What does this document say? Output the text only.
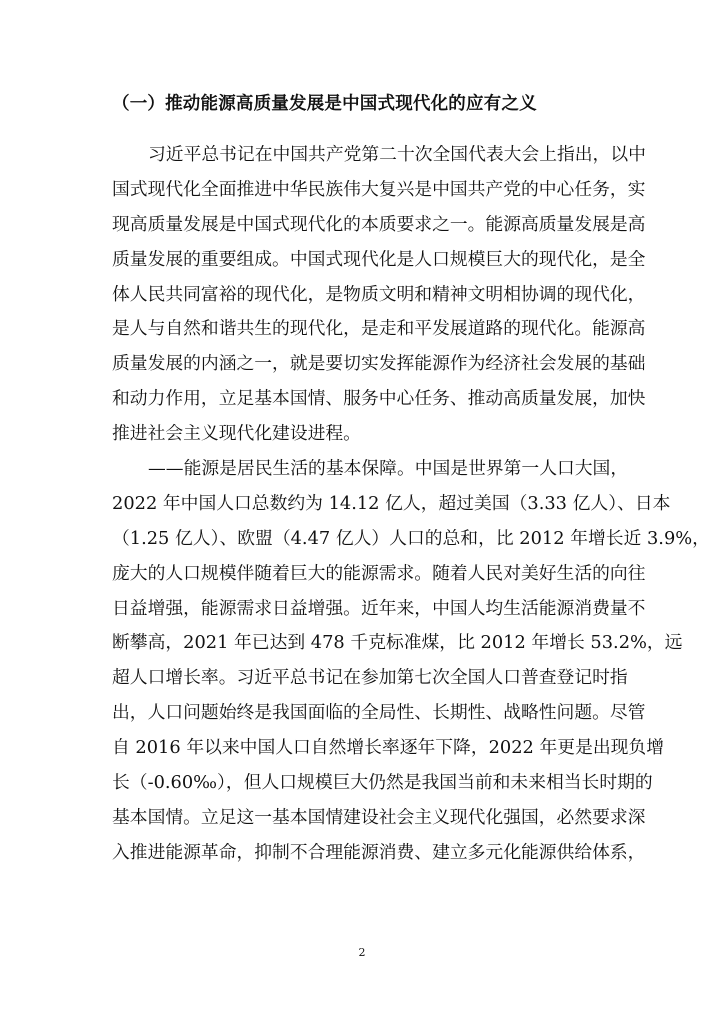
（一）推动能源高质量发展是中国式现代化的应有之义
习近平总书记在中国共产党第二十次全国代表大会上指出，以中
国式现代化全面推进中华民族伟大复兴是中国共产党的中心任务，实
现高质量发展是中国式现代化的本质要求之一。能源高质量发展是高
质量发展的重要组成。中国式现代化是人口规模巨大的现代化，是全
体人民共同富裕的现代化，是物质文明和精神文明相协调的现代化，
是人与自然和谐共生的现代化，是走和平发展道路的现代化。能源高
质量发展的内涵之一，就是要切实发挥能源作为经济社会发展的基础
和动力作用，立足基本国情、服务中心任务、推动高质量发展，加快
推进社会主义现代化建设进程。
——能源是居民生活的基本保障。中国是世界第一人口大国，
2022 年中国人口总数约为 14.12 亿人，超过美国（3.33 亿人）、日本
（1.25 亿人）、欧盟（4.47 亿人）人口的总和，比 2012 年增长近 3.9%，
庞大的人口规模伴随着巨大的能源需求。随着人民对美好生活的向往
日益增强，能源需求日益增强。近年来，中国人均生活能源消费量不
断攀高，2021 年已达到 478 千克标准煤，比 2012 年增长 53.2%，远
超人口增长率。习近平总书记在参加第七次全国人口普查登记时指
出，人口问题始终是我国面临的全局性、长期性、战略性问题。尽管
自 2016 年以来中国人口自然增长率逐年下降，2022 年更是出现负增
长（-0.60‰），但人口规模巨大仍然是我国当前和未来相当长时期的
基本国情。立足这一基本国情建设社会主义现代化强国，必然要求深
入推进能源革命，抑制不合理能源消费、建立多元化能源供给体系，
2
